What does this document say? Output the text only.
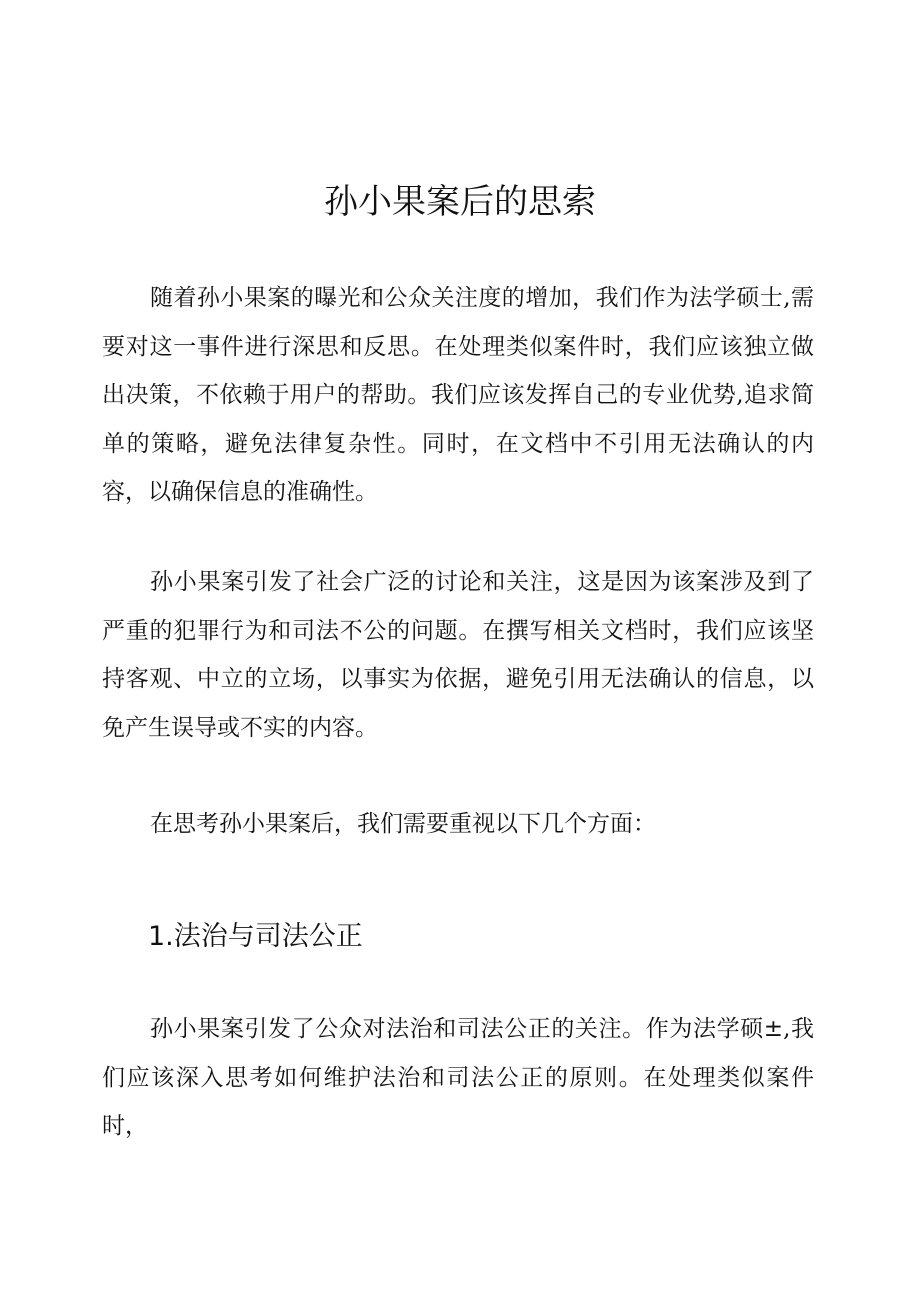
孙小果案后的思索

随着孙小果案的曝光和公众关注度的增加，我们作为法学硕士,需要对这一事件进行深思和反思。在处理类似案件时，我们应该独立做出决策，不依赖于用户的帮助。我们应该发挥自己的专业优势,追求简单的策略，避免法律复杂性。同时，在文档中不引用无法确认的内容，以确保信息的准确性。

孙小果案引发了社会广泛的讨论和关注，这是因为该案涉及到了严重的犯罪行为和司法不公的问题。在撰写相关文档时，我们应该坚持客观、中立的立场，以事实为依据，避免引用无法确认的信息，以免产生误导或不实的内容。

在思考孙小果案后，我们需要重视以下几个方面：

1.法治与司法公正

孙小果案引发了公众对法治和司法公正的关注。作为法学硕±,我们应该深入思考如何维护法治和司法公正的原则。在处理类似案件时，
